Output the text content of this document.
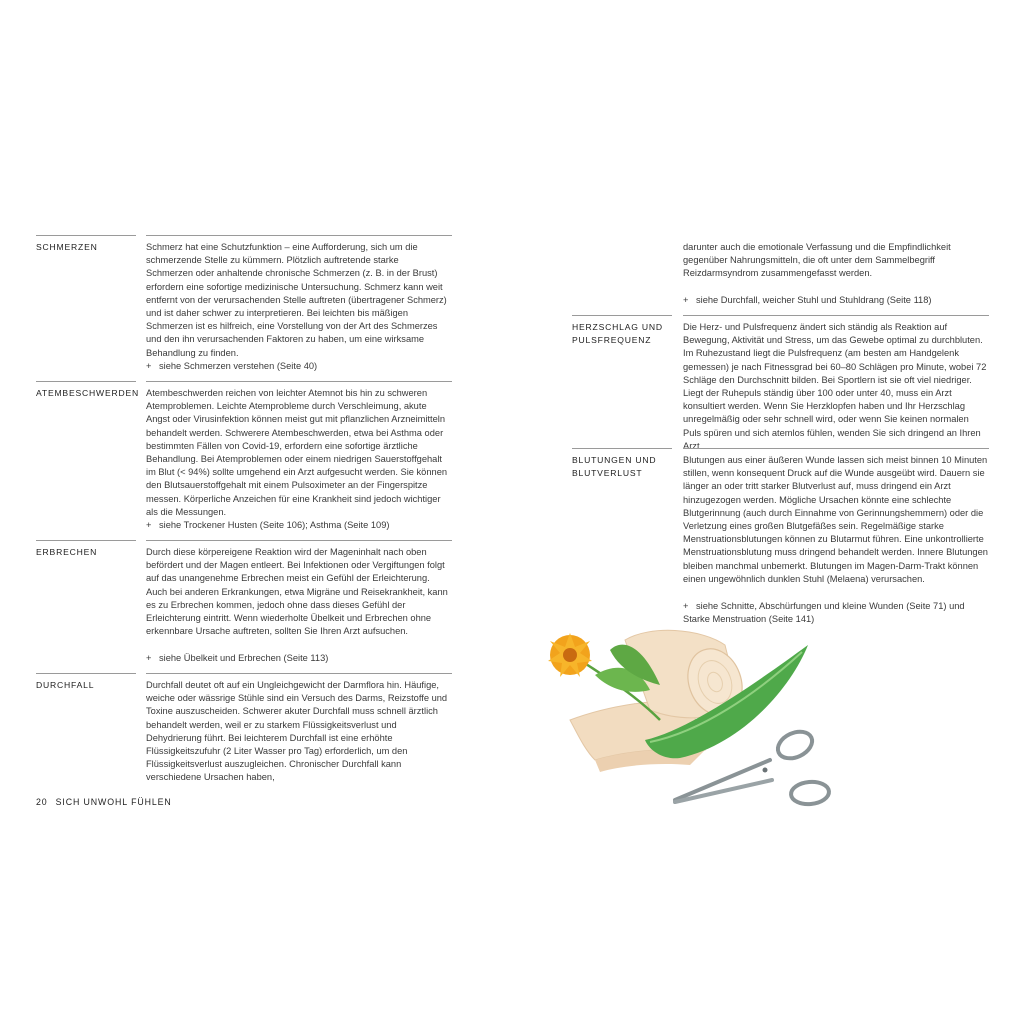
SCHMERZEN	Schmerz hat eine Schutzfunktion – eine Aufforderung, sich um die schmerzende Stelle zu kümmern. Plötzlich auftretende starke Schmerzen oder anhaltende chronische Schmerzen (z. B. in der Brust) erfordern eine sofortige medizinische Untersuchung. Schmerz kann weit entfernt von der verursachenden Stelle auftreten (übertragener Schmerz) und ist daher schwer zu interpretieren. Bei leichten bis mäßigen Schmerzen ist es hilfreich, eine Vorstellung von der Art des Schmerzes und den ihn verursachenden Faktoren zu haben, um eine wirksame Behandlung zu finden.
+ siehe Schmerzen verstehen (Seite 40)
ATEMBESCHWERDEN Atembeschwerden reichen von leichter Atemnot bis hin zu schweren Atemproblemen. Leichte Atemprobleme durch Verschleimung, akute Angst oder Virusinfektion können meist gut mit pflanzlichen Arzneimitteln behandelt werden. Schwerere Atembeschwerden, etwa bei Asthma oder bestimmten Fällen von Covid-19, erfordern eine sofortige ärztliche Behandlung. Bei Atemproblemen oder einem niedrigen Sauerstoffgehalt im Blut (< 94%) sollte umgehend ein Arzt aufgesucht werden. Sie können den Blutsauerstoffgehalt mit einem Pulsoximeter an der Fingerspitze messen. Körperliche Anzeichen für eine Krankheit sind jedoch wichtiger als die Messungen.
+ siehe Trockener Husten (Seite 106); Asthma (Seite 109)
ERBRECHEN	Durch diese körpereigene Reaktion wird der Mageninhalt nach oben befördert und der Magen entleert. Bei Infektionen oder Vergiftungen folgt auf das unangenehme Erbrechen meist ein Gefühl der Erleichterung. Auch bei anderen Erkrankungen, etwa Migräne und Reisekrankheit, kann es zu Erbrechen kommen, jedoch ohne dass dieses Gefühl der Erleichterung eintritt. Wenn wiederholte Übelkeit und Erbrechen ohne erkennbare Ursache auftreten, sollten Sie Ihren Arzt aufsuchen.
+ siehe Übelkeit und Erbrechen (Seite 113)
DURCHFALL	Durchfall deutet oft auf ein Ungleichgewicht der Darmflora hin. Häufige, weiche oder wässrige Stühle sind ein Versuch des Darms, Reizstoffe und Toxine auszuscheiden. Schwerer akuter Durchfall muss schnell ärztlich behandelt werden, weil er zu starkem Flüssigkeitsverlust und Dehydrierung führt. Bei leichterem Durchfall ist eine erhöhte Flüssigkeitszufuhr (2 Liter Wasser pro Tag) erforderlich, um den Flüssigkeitsverlust auszugleichen. Chronischer Durchfall kann verschiedene Ursachen haben,
20 SICH UNWOHL FÜHLEN
darunter auch die emotionale Verfassung und die Empfindlichkeit gegenüber Nahrungsmitteln, die oft unter dem Sammelbegriff Reizdarmsyndrom zusammengefasst werden.
+ siehe Durchfall, weicher Stuhl und Stuhldrang (Seite 118)
HERZSCHLAG UND PULSFREQUENZ
Die Herz- und Pulsfrequenz ändert sich ständig als Reaktion auf Bewegung, Aktivität und Stress, um das Gewebe optimal zu durchbluten. Im Ruhezustand liegt die Pulsfrequenz (am besten am Handgelenk gemessen) je nach Fitnessgrad bei 60–80 Schlägen pro Minute, wobei 72 Schläge den Durchschnitt bilden. Bei Sportlern ist sie oft viel niedriger. Liegt der Ruhepuls ständig über 100 oder unter 40, muss ein Arzt konsultiert werden. Wenn Sie Herzklopfen haben und Ihr Herzschlag unregelmäßig oder sehr schnell wird, oder wenn Sie keinen normalen Puls spüren und sich atemlos fühlen, wenden Sie sich dringend an Ihren Arzt.
BLUTUNGEN UND BLUTVERLUST
Blutungen aus einer äußeren Wunde lassen sich meist binnen 10 Minuten stillen, wenn konsequent Druck auf die Wunde ausgeübt wird. Dauern sie länger an oder tritt starker Blutverlust auf, muss dringend ein Arzt hinzugezogen werden. Mögliche Ursachen könnte eine schlechte Blutgerinnung (auch durch Einnahme von Gerinnungshemmern) oder die Verletzung eines großen Blutgefäßes sein. Regelmäßige starke Menstruationsblutungen können zu Blutarmut führen. Eine unkontrollierte Menstruationsblutung muss dringend behandelt werden. Innere Blutungen bleiben manchmal unbemerkt. Blutungen im Magen-Darm-Trakt können einen ungewöhnlich dunklen Stuhl (Melaena) verursachen.
+ siehe Schnitte, Abschürfungen und kleine Wunden (Seite 71) und Starke Menstruation (Seite 141)
